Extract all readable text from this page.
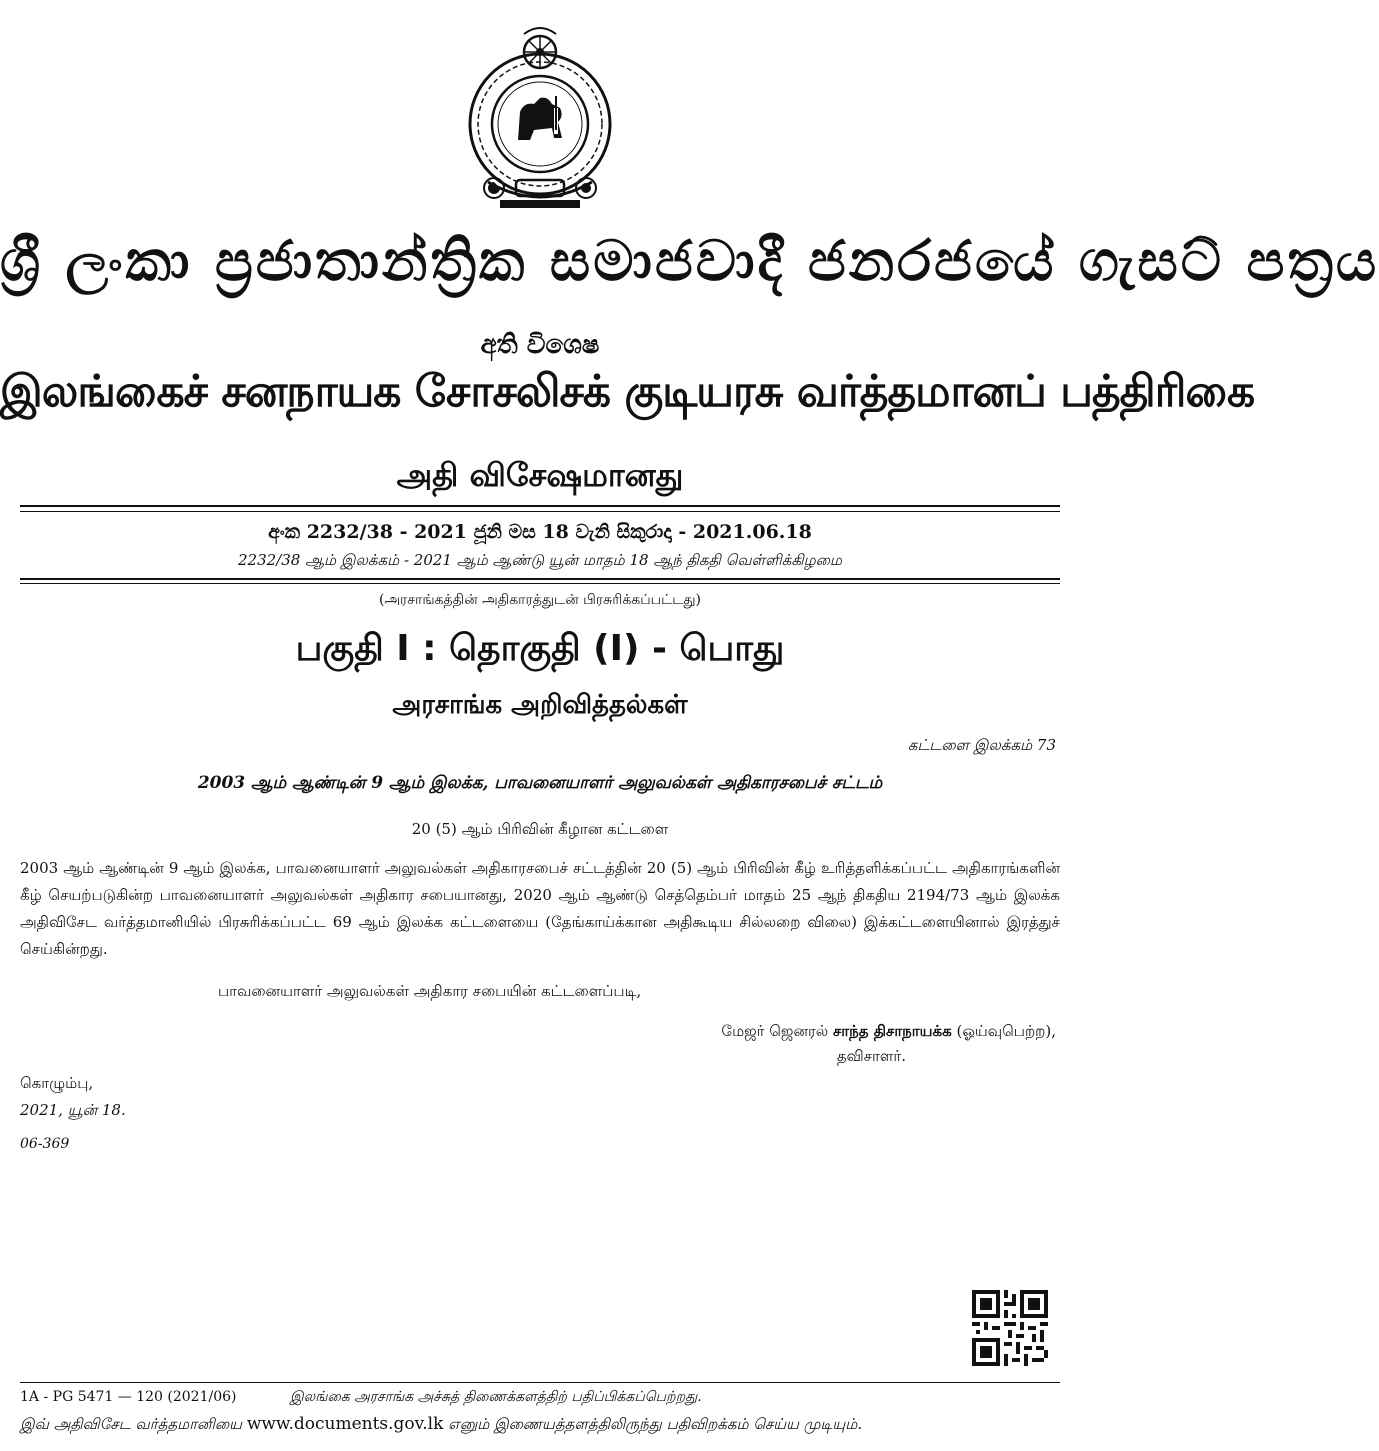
ශ්‍රී ලංකා ප්‍රජාතාන්ත්‍රික සමාජවාදී ජනරජයේ ගැසට් පත්‍රය
අති විශෙෂ
இலங்கைச் சனநாயக சோசலிசக் குடியரசு வர்த்தமானப் பத்திரிகை
அதி விசேஷமானது
අංක 2232/38 - 2021 ජූනි මස 18 වැනි සිකුරාදා - 2021.06.18
2232/38 ஆம் இலக்கம் - 2021 ஆம் ஆண்டு யூன் மாதம் 18 ஆந் திகதி வெள்ளிக்கிழமை
(அரசாங்கத்தின் அதிகாரத்துடன் பிரசுரிக்கப்பட்டது)
பகுதி I : தொகுதி (I) - பொது
அரசாங்க அறிவித்தல்கள்
கட்டளை இலக்கம் 73
2003 ஆம் ஆண்டின் 9 ஆம் இலக்க, பாவனையாளர் அலுவல்கள் அதிகாரசபைச் சட்டம்
20 (5) ஆம் பிரிவின் கீழான கட்டளை

2003 ஆம் ஆண்டின் 9 ஆம் இலக்க, பாவனையாளர் அலுவல்கள் அதிகாரசபைச் சட்டத்தின் 20 (5) ஆம் பிரிவின் கீழ் உரித்தளிக்கப்பட்ட அதிகாரங்களின் கீழ் செயற்படுகின்ற பாவனையாளர் அலுவல்கள் அதிகார சபையானது, 2020 ஆம் ஆண்டு செத்தெம்பர் மாதம் 25 ஆந் திகதிய 2194/73 ஆம் இலக்க அதிவிசேட வர்த்தமானியில் பிரசுரிக்கப்பட்ட 69 ஆம் இலக்க கட்டளையை (தேங்காய்க்கான அதிகூடிய சில்லறை விலை) இக்கட்டளையினால் இரத்துச் செய்கின்றது.

பாவனையாளர் அலுவல்கள் அதிகார சபையின் கட்டளைப்படி,
மேஜர் ஜெனரல் சாந்த திசாநாயக்க (ஓய்வுபெற்ற),
தவிசாளர்.
கொழும்பு,
2021, யூன் 18.
06-369
1A - PG 5471 — 120 (2021/06)	இலங்கை அரசாங்க அச்சுத் திணைக்களத்திற் பதிப்பிக்கப்பெற்றது.
இவ் அதிவிசேட வர்த்தமானியை www.documents.gov.lk எனும் இணையத்தளத்திலிருந்து பதிவிறக்கம் செய்ய முடியும்.
